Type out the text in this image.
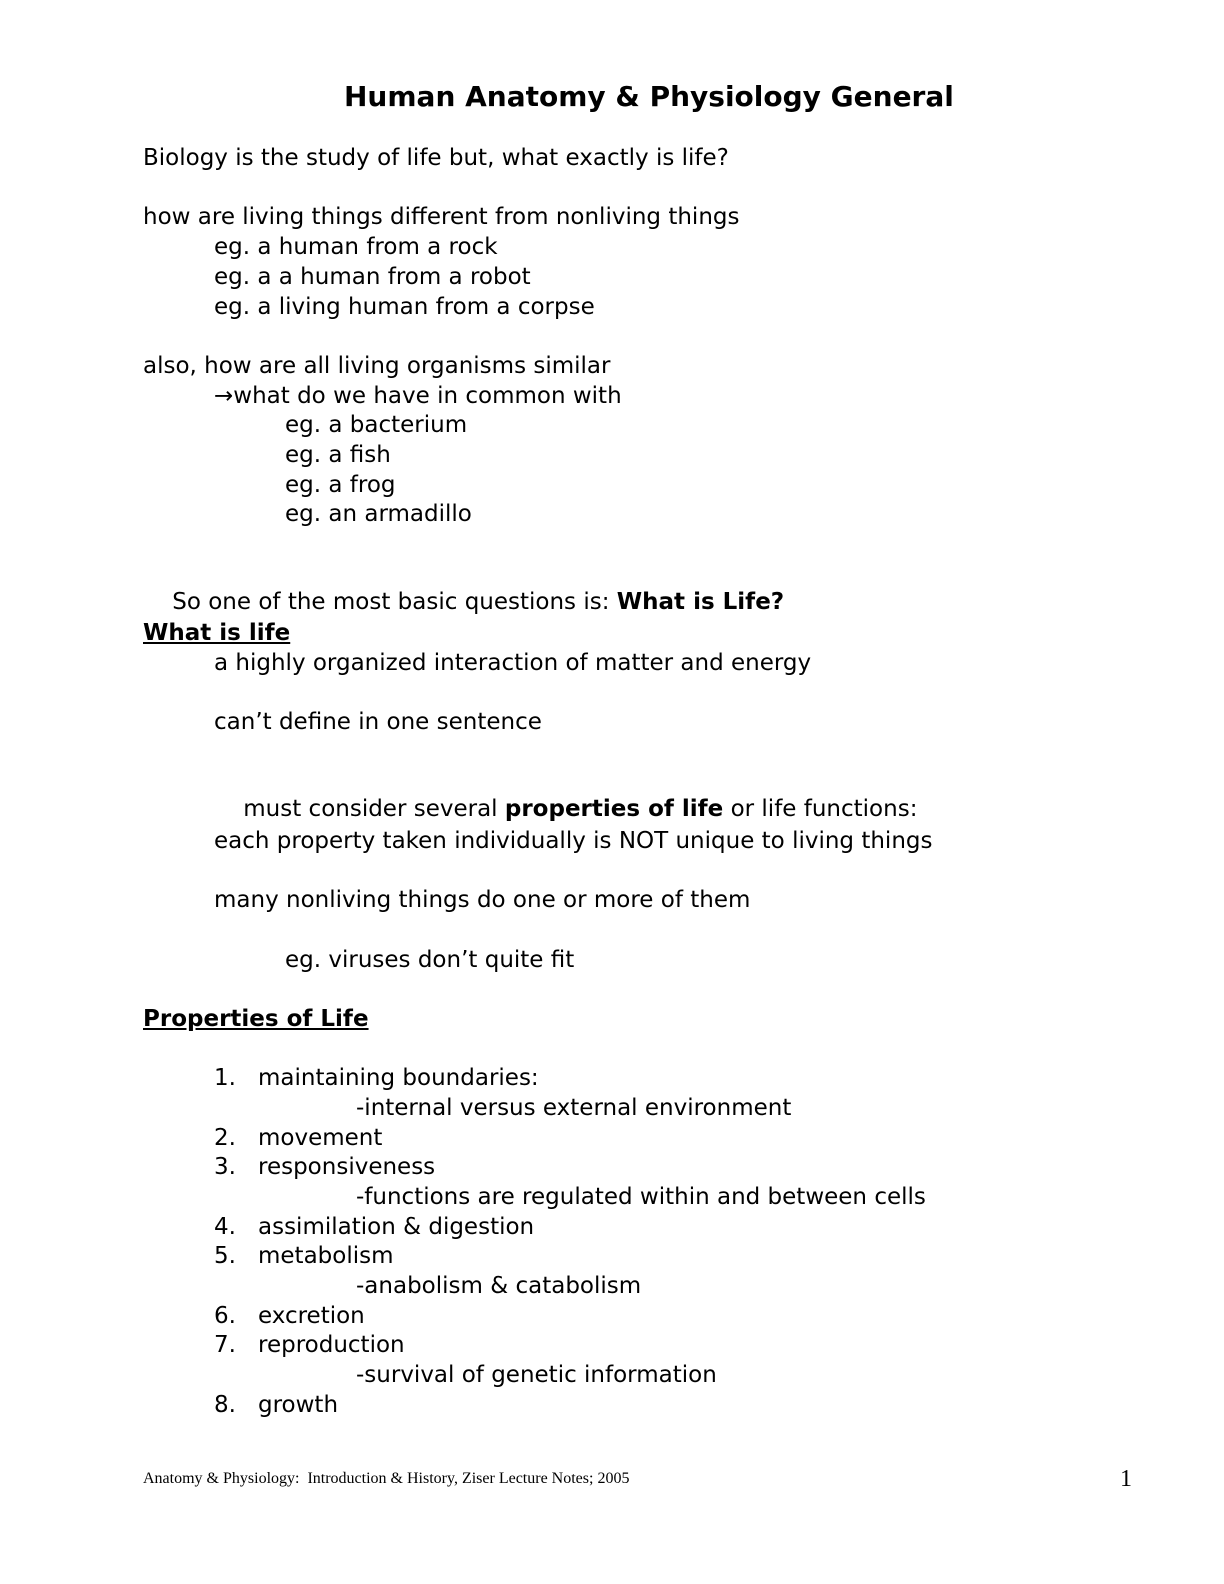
Human Anatomy & Physiology General
Biology is the study of life but, what exactly is life?
how are living things different from nonliving things
eg. a human from a rock
eg. a a human from a robot
eg. a living human from a corpse
also, how are all living organisms similar
→what do we have in common with
eg. a bacterium
eg. a fish
eg. a frog
eg. an armadillo

So one of the most basic questions is: What is Life?

What is life
a highly organized interaction of matter and energy
can’t define in one sentence

must consider several properties of life or life functions:

each property taken individually is NOT unique to living things
many nonliving things do one or more of them
eg. viruses don’t quite fit
Properties of Life
1. maintaining boundaries:
-internal versus external environment
2. movement
3. responsiveness
-functions are regulated within and between cells
4. assimilation & digestion
5. metabolism
-anabolism & catabolism
6. excretion
7. reproduction
-survival of genetic information
8. growth
Anatomy & Physiology:  Introduction & History, Ziser Lecture Notes; 2005	1
